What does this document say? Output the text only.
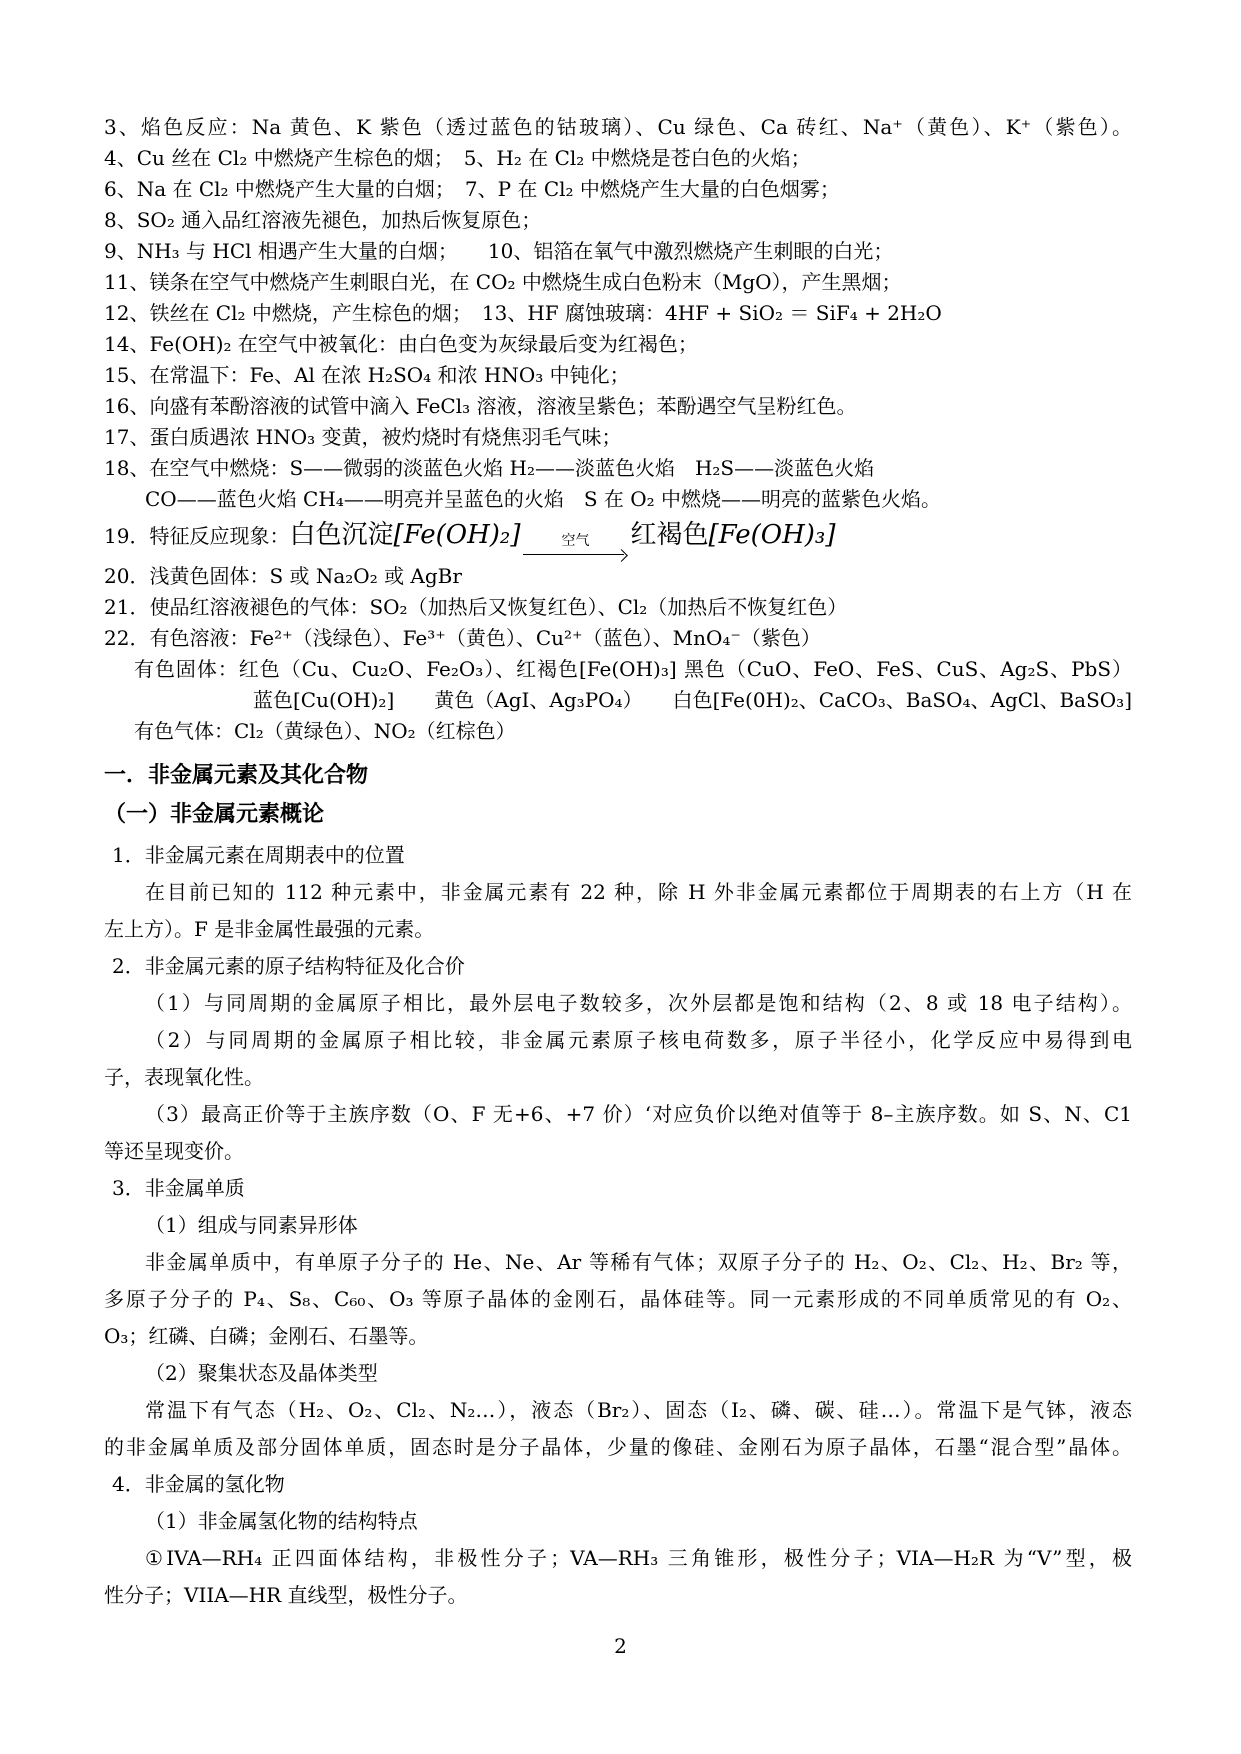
3、焰色反应：Na 黄色、K 紫色（透过蓝色的钴玻璃）、Cu 绿色、Ca 砖红、Na⁺（黄色）、K⁺（紫色）。
4、Cu 丝在 Cl₂ 中燃烧产生棕色的烟；　5、H₂ 在 Cl₂ 中燃烧是苍白色的火焰；
6、Na 在 Cl₂ 中燃烧产生大量的白烟；　7、P 在 Cl₂ 中燃烧产生大量的白色烟雾；
8、SO₂ 通入品红溶液先褪色，加热后恢复原色；
9、NH₃ 与 HCl 相遇产生大量的白烟；　　10、铝箔在氧气中激烈燃烧产生刺眼的白光；
11、镁条在空气中燃烧产生刺眼白光，在 CO₂ 中燃烧生成白色粉末（MgO），产生黑烟；
12、铁丝在 Cl₂ 中燃烧，产生棕色的烟；　13、HF 腐蚀玻璃：4HF + SiO₂ ＝ SiF₄ + 2H₂O
14、Fe(OH)₂ 在空气中被氧化：由白色变为灰绿最后变为红褐色；
15、在常温下：Fe、Al 在浓 H₂SO₄ 和浓 HNO₃ 中钝化；
16、向盛有苯酚溶液的试管中滴入 FeCl₃ 溶液，溶液呈紫色；苯酚遇空气呈粉红色。
17、蛋白质遇浓 HNO₃ 变黄，被灼烧时有烧焦羽毛气味；
18、在空气中燃烧：S——微弱的淡蓝色火焰 H₂——淡蓝色火焰　H₂S——淡蓝色火焰
CO——蓝色火焰 CH₄——明亮并呈蓝色的火焰　S 在 O₂ 中燃烧——明亮的蓝紫色火焰。
19．特征反应现象：白色沉淀[Fe(OH)₂]	空气 红褐色[Fe(OH)₃]
20．浅黄色固体：S 或 Na₂O₂ 或 AgBr
21．使品红溶液褪色的气体：SO₂（加热后又恢复红色）、Cl₂（加热后不恢复红色）
22．有色溶液：Fe²⁺（浅绿色）、Fe³⁺（黄色）、Cu²⁺（蓝色）、MnO₄⁻（紫色）
有色固体：红色（Cu、Cu₂O、Fe₂O₃）、红褐色[Fe(OH)₃] 黑色（CuO、FeO、FeS、CuS、Ag₂S、PbS）
蓝色[Cu(OH)₂]　　黄色（AgI、Ag₃PO₄）　　白色[Fe(0H)₂、CaCO₃、BaSO₄、AgCl、BaSO₃]
有色气体：Cl₂（黄绿色）、NO₂（红棕色）
一．非金属元素及其化合物
（一）非金属元素概论
1．非金属元素在周期表中的位置
在目前已知的 112 种元素中，非金属元素有 22 种，除 H 外非金属元素都位于周期表的右上方（H 在
左上方）。F 是非金属性最强的元素。
2．非金属元素的原子结构特征及化合价
（1）与同周期的金属原子相比，最外层电子数较多，次外层都是饱和结构（2、8 或 18 电子结构）。
（2）与同周期的金属原子相比较，非金属元素原子核电荷数多，原子半径小，化学反应中易得到电
子，表现氧化性。
（3）最高正价等于主族序数（O、F 无+6、+7 价）‘对应负价以绝对值等于 8–主族序数。如 S、N、C1
等还呈现变价。
3．非金属单质
（1）组成与同素异形体
非金属单质中，有单原子分子的 He、Ne、Ar 等稀有气体；双原子分子的 H₂、O₂、Cl₂、H₂、Br₂ 等，
多原子分子的 P₄、S₈、C₆₀、O₃ 等原子晶体的金刚石，晶体硅等。同一元素形成的不同单质常见的有 O₂、
O₃；红磷、白磷；金刚石、石墨等。
（2）聚集状态及晶体类型
常温下有气态（H₂、O₂、Cl₂、N₂…），液态（Br₂）、固态（I₂、磷、碳、硅…）。常温下是气钵，液态
的非金属单质及部分固体单质，固态时是分子晶体，少量的像硅、金刚石为原子晶体，石墨“混合型”晶体。
4．非金属的氢化物
（1）非金属氢化物的结构特点
①IVA—RH₄ 正四面体结构，非极性分子；VA—RH₃ 三角锥形，极性分子；VIA—H₂R 为“V”型，极
性分子；VIIA—HR 直线型，极性分子。
2
